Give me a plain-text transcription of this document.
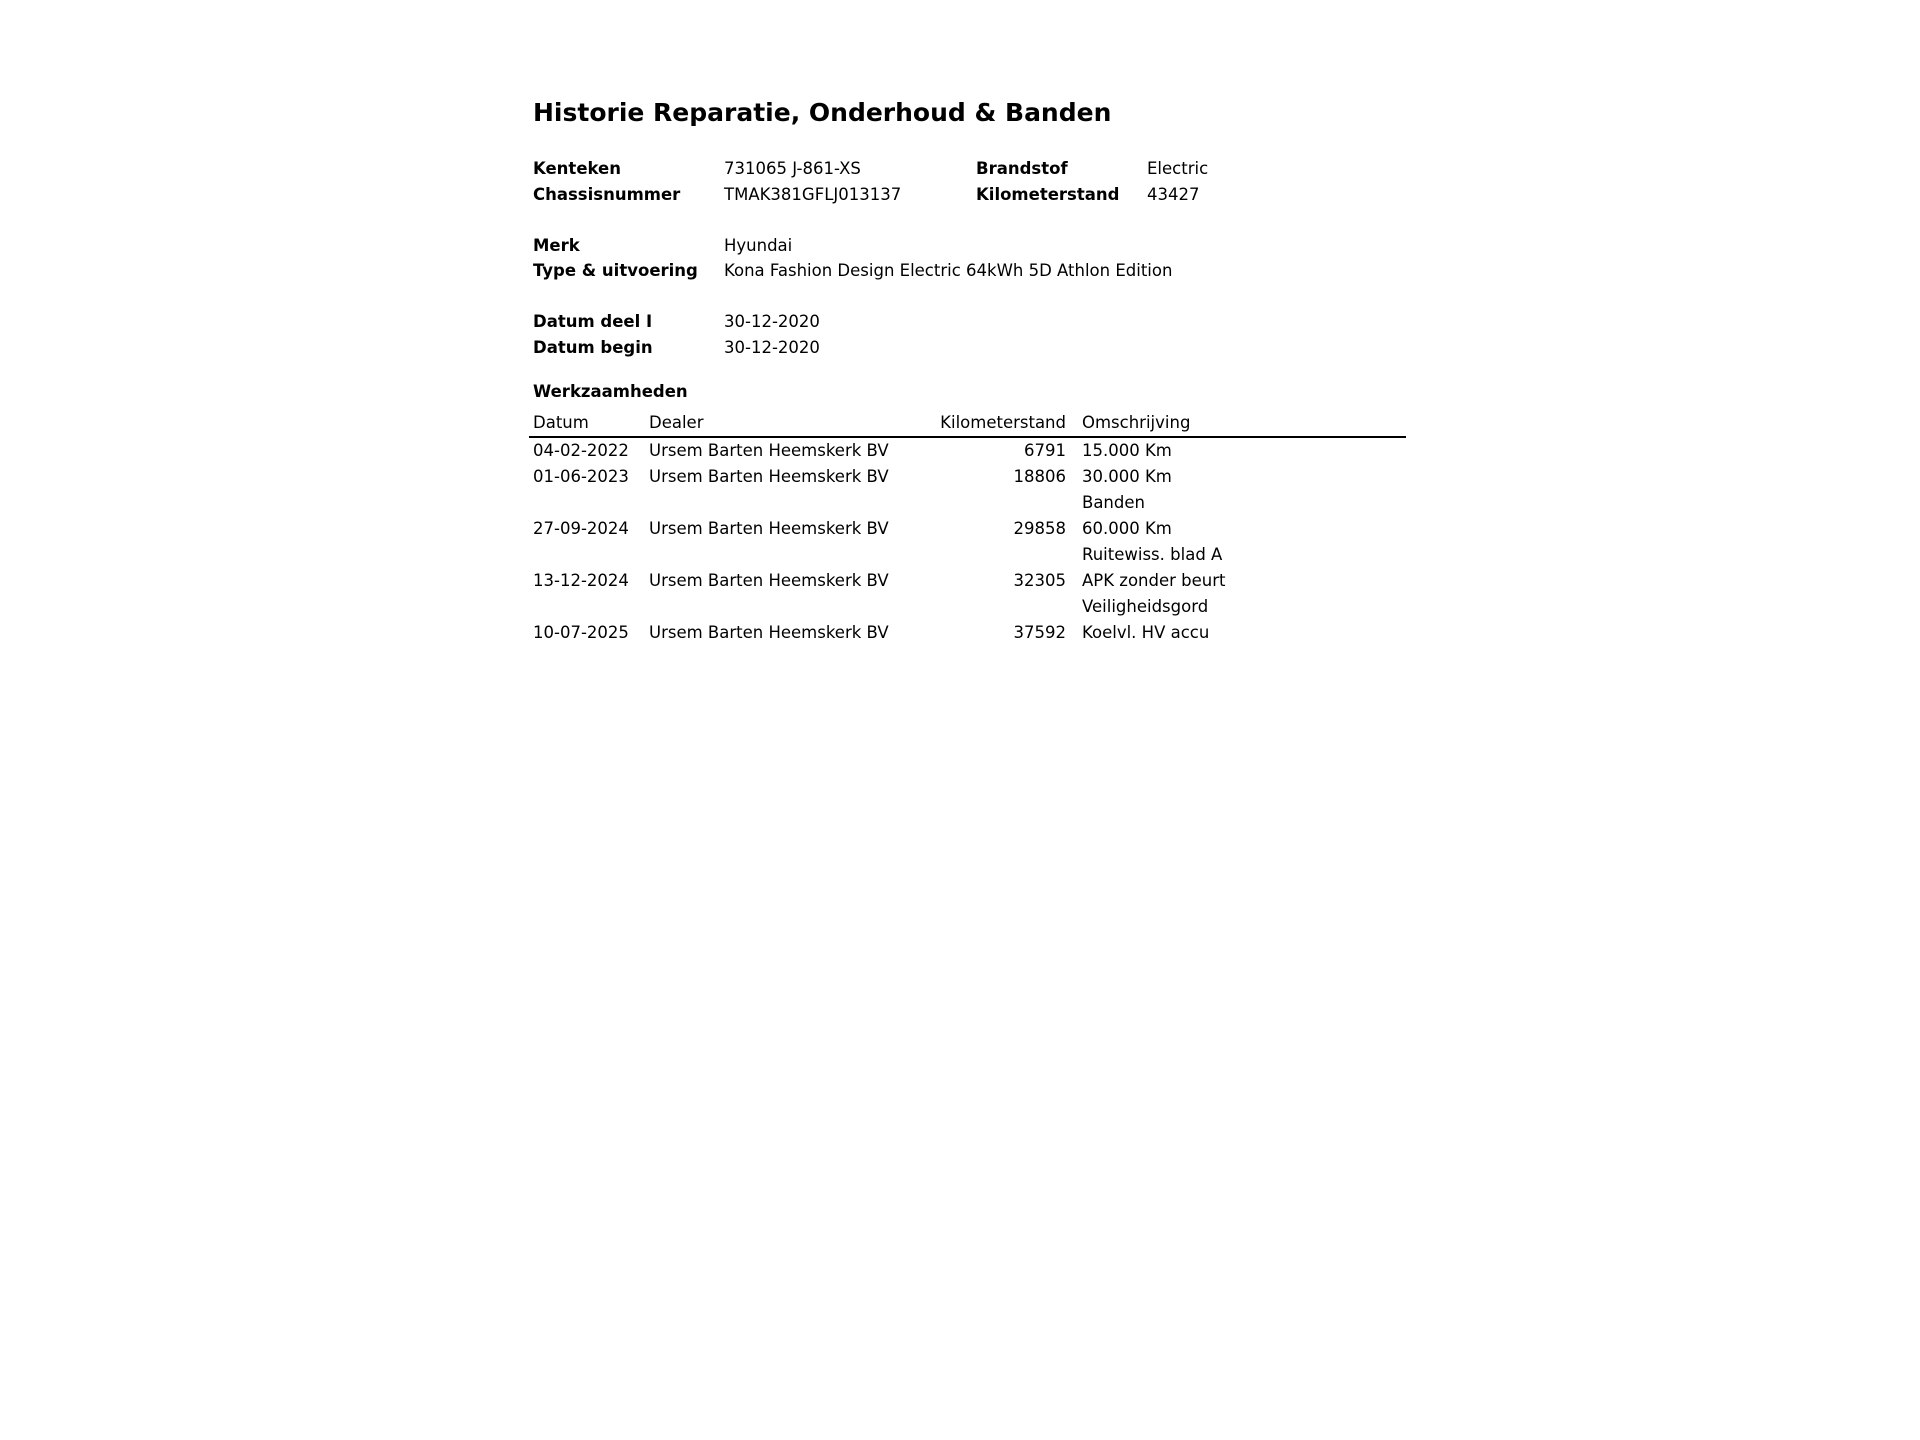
Historie Reparatie, Onderhoud & Banden
Kenteken	731065 J-861-XS	Brandstof	Electric
Chassisnummer	TMAK381GFLJ013137	Kilometerstand 43427
Merk	Hyundai
Type & uitvoering Kona Fashion Design Electric 64kWh 5D Athlon Edition
Datum deel I	30-12-2020
Datum begin	30-12-2020
Werkzaamheden
Datum	Dealer	Kilometerstand	Omschrijving
04-02-2022	Ursem Barten Heemskerk BV	6791	15.000 Km
01-06-2023	Ursem Barten Heemskerk BV	18806	30.000 Km
			Banden
27-09-2024	Ursem Barten Heemskerk BV	29858	60.000 Km
			Ruitewiss. blad A
13-12-2024	Ursem Barten Heemskerk BV	32305	APK zonder beurt
			Veiligheidsgord
10-07-2025	Ursem Barten Heemskerk BV	37592	Koelvl. HV accu
